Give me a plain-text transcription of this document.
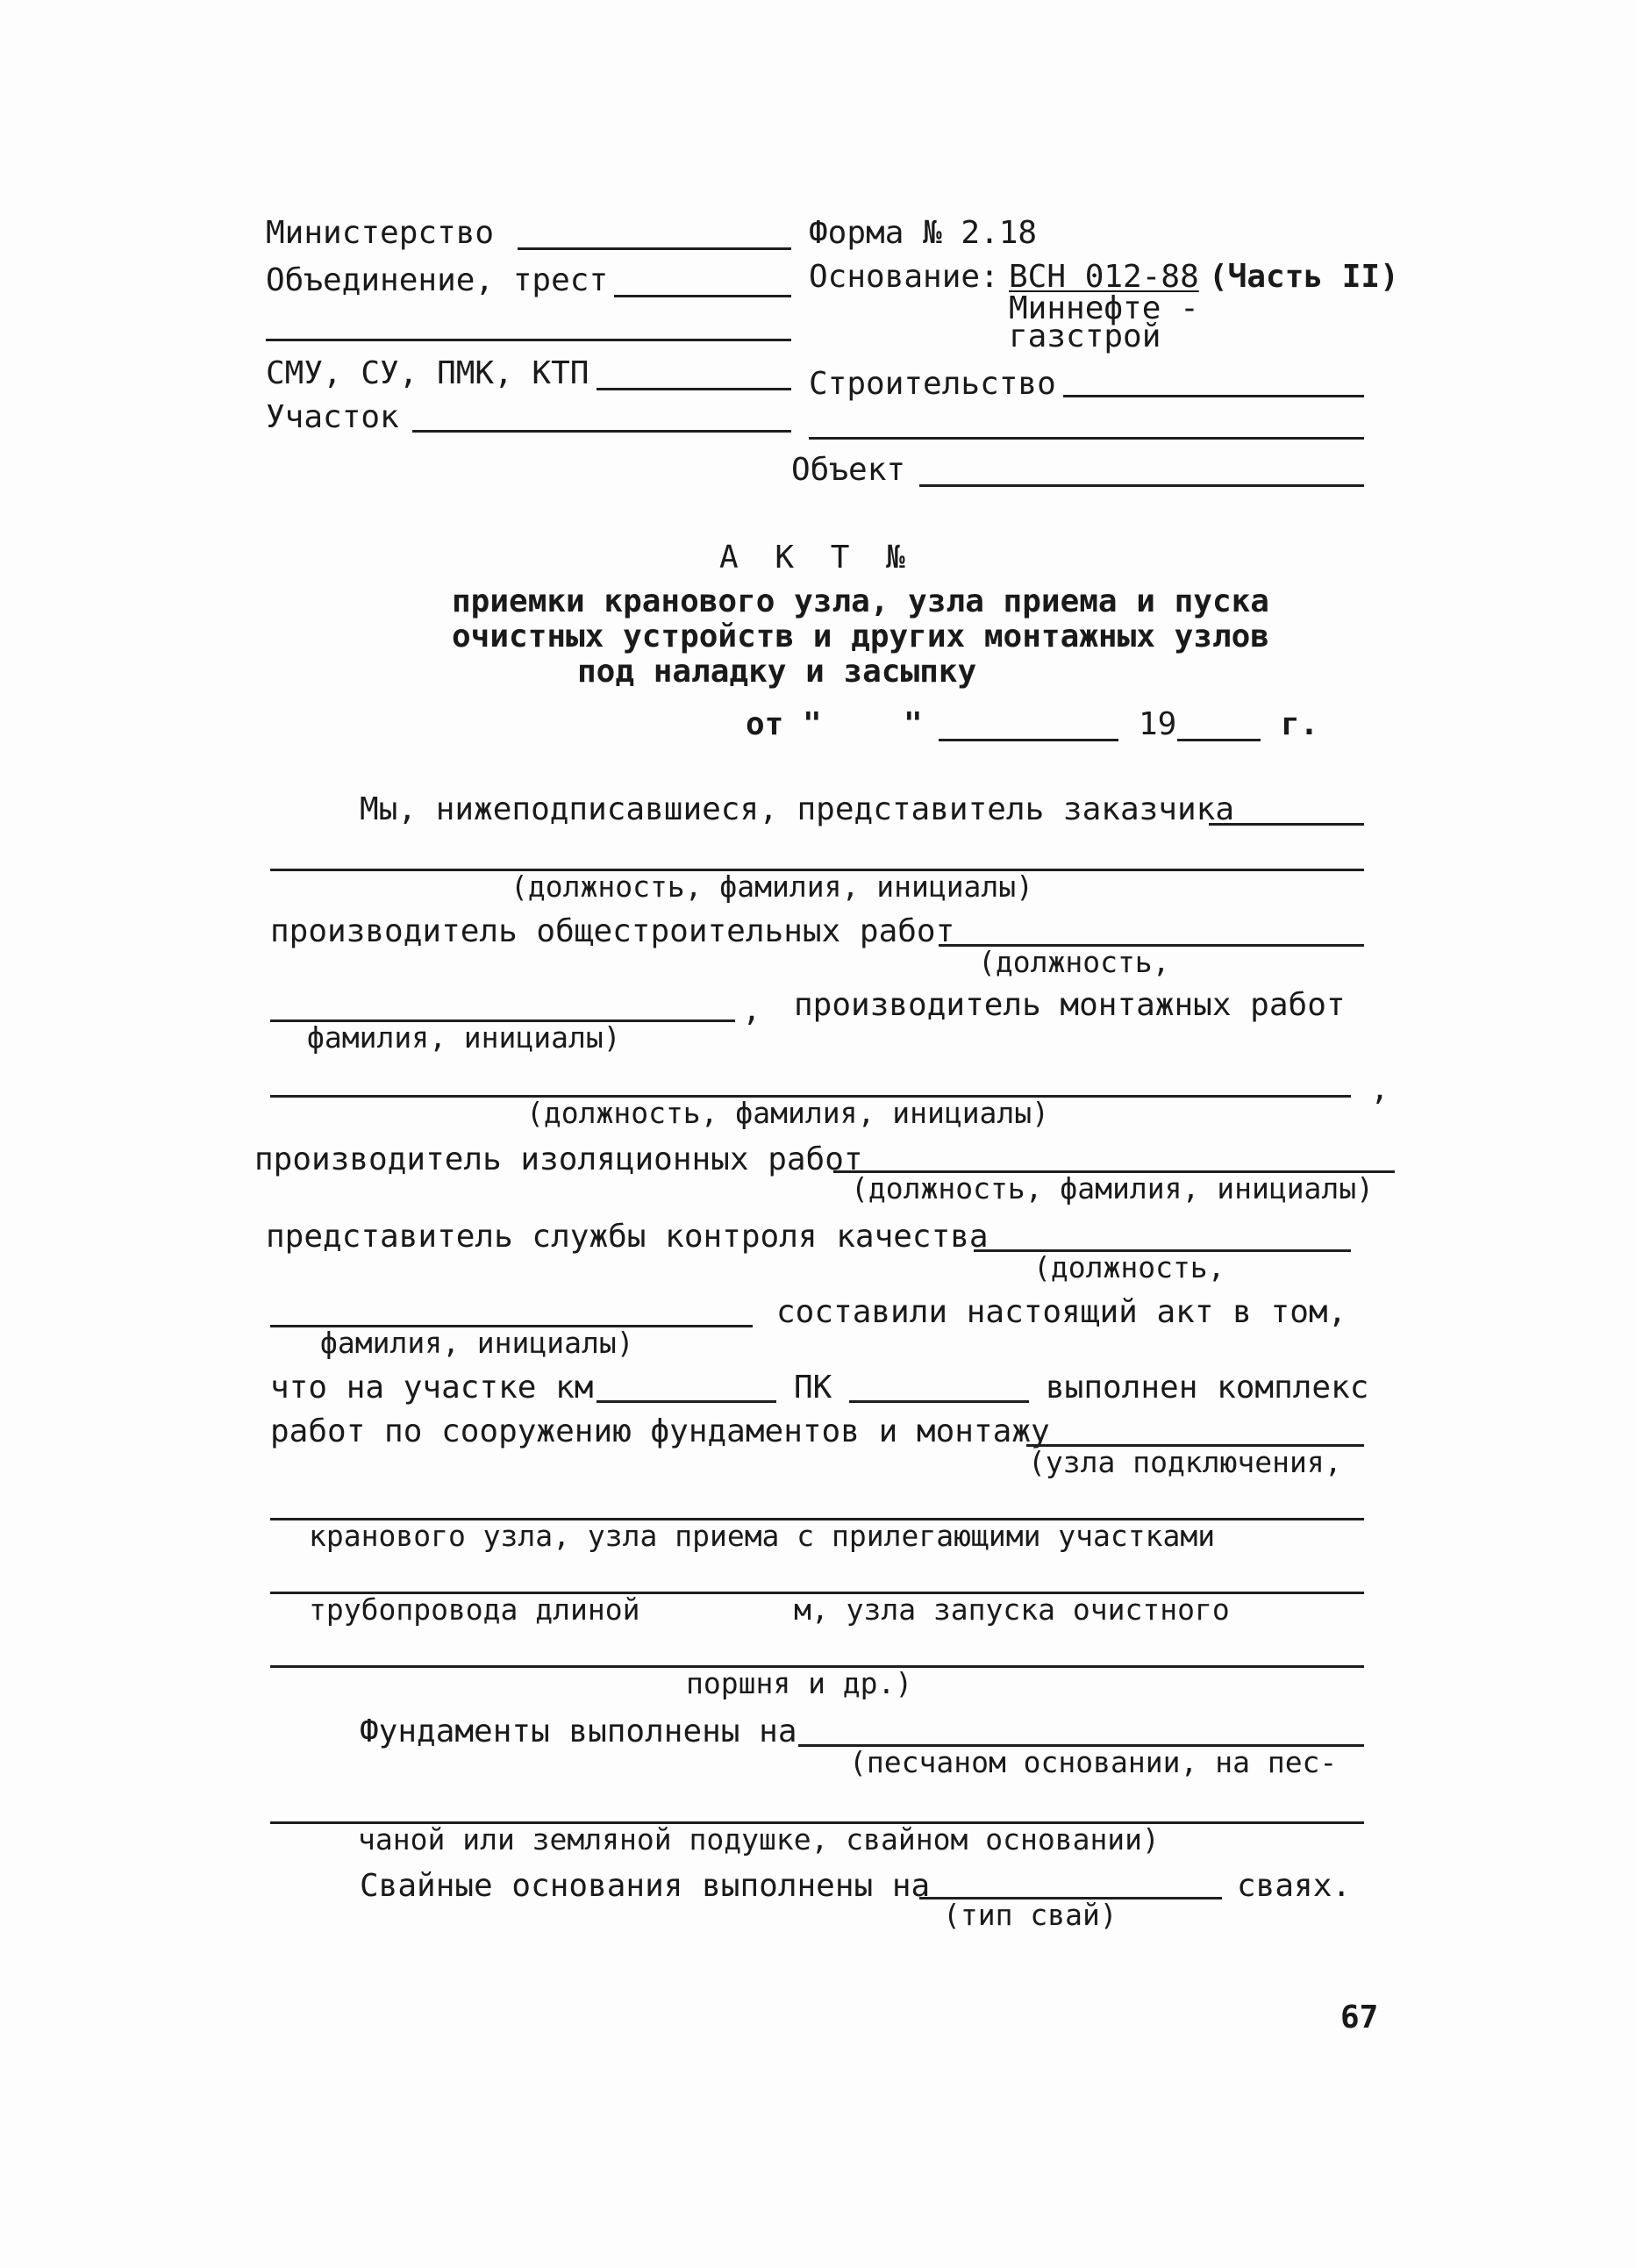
Министерство
Объединение, трест
СМУ, СУ, ПМК, КТП
Участок
Форма № 2.18
Основание: ВСН 012-88 (Часть II)
Миннефте -
газстрой
Строительство
Объект
А К Т №
приемки кранового узла, узла приема и пуска
очистных устройств и других монтажных узлов
под наладку и засыпку
от "	"	19	г.
Мы, нижеподписавшиеся, представитель заказчика
(должность, фамилия, инициалы)
производитель общестроительных работ
(должность,
, производитель монтажных работ
фамилия, инициалы)
,
(должность, фамилия, инициалы)
производитель изоляционных работ
(должность, фамилия, инициалы)
представитель службы контроля качества
(должность,
составили настоящий акт в том,
фамилия, инициалы)
что на участке км	ПК	выполнен комплекс
работ по сооружению фундаментов и монтажу
(узла подключения,
кранового узла, узла приема с прилегающими участками
трубопровода длиной	м, узла запуска очистного
поршня и др.)
Фундаменты выполнены на
(песчаном основании, на пес-
чаной или земляной подушке, свайном основании)
Свайные основания выполнены на	сваях.
(тип свай)
67
